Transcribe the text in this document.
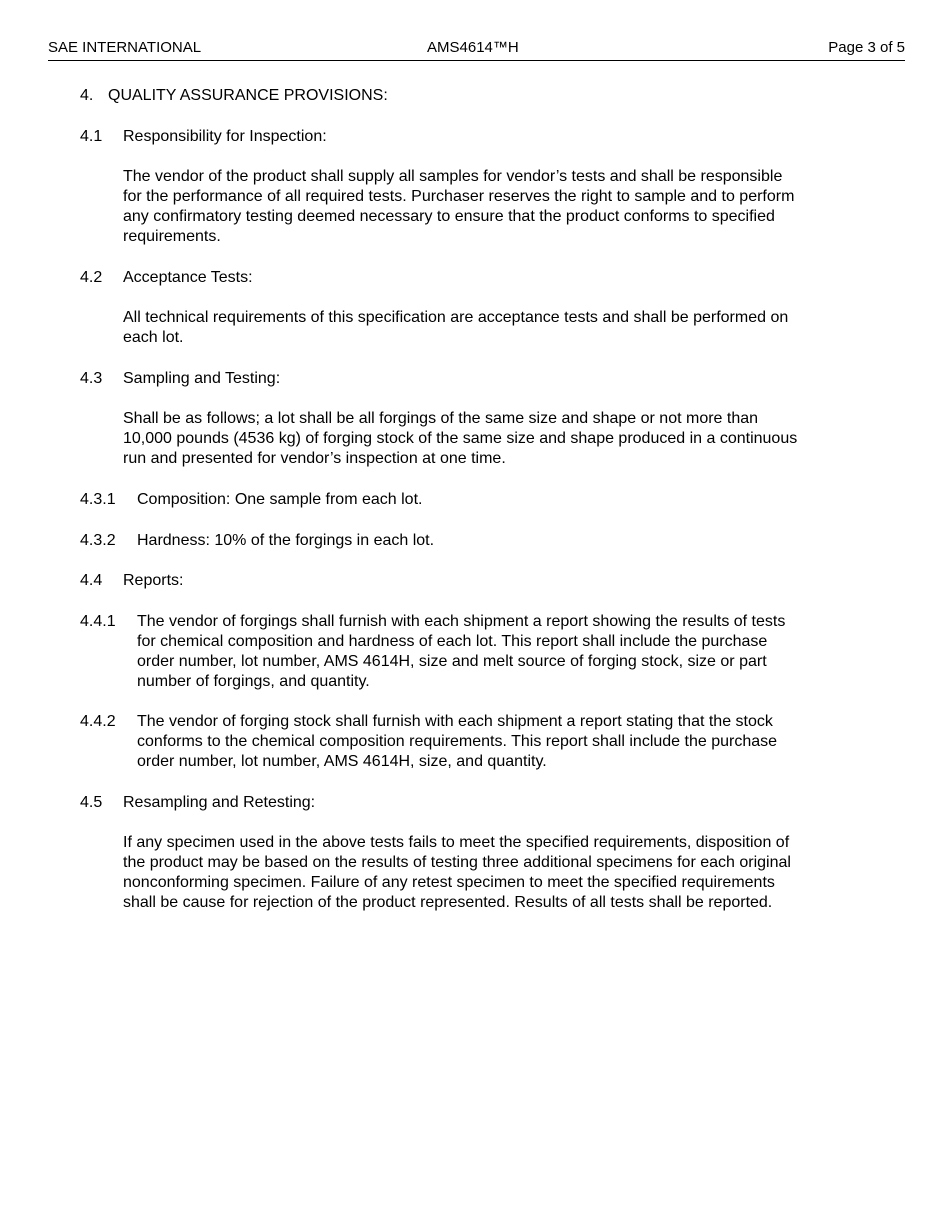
SAE INTERNATIONAL	AMS4614™H	Page 3 of 5
4. QUALITY ASSURANCE PROVISIONS:
4.1 Responsibility for Inspection:
The vendor of the product shall supply all samples for vendor’s tests and shall be responsible
for the performance of all required tests. Purchaser reserves the right to sample and to perform
any confirmatory testing deemed necessary to ensure that the product conforms to specified
requirements.
4.2 Acceptance Tests:
All technical requirements of this specification are acceptance tests and shall be performed on
each lot.
4.3 Sampling and Testing:
Shall be as follows; a lot shall be all forgings of the same size and shape or not more than
10,000 pounds (4536 kg) of forging stock of the same size and shape produced in a continuous
run and presented for vendor’s inspection at one time.
4.3.1 Composition: One sample from each lot.
4.3.2 Hardness: 10% of the forgings in each lot.
4.4 Reports:
4.4.1 The vendor of forgings shall furnish with each shipment a report showing the results of tests
for chemical composition and hardness of each lot. This report shall include the purchase
order number, lot number, AMS 4614H, size and melt source of forging stock, size or part
number of forgings, and quantity.
4.4.2 The vendor of forging stock shall furnish with each shipment a report stating that the stock
conforms to the chemical composition requirements. This report shall include the purchase
order number, lot number, AMS 4614H, size, and quantity.
4.5 Resampling and Retesting:
If any specimen used in the above tests fails to meet the specified requirements, disposition of
the product may be based on the results of testing three additional specimens for each original
nonconforming specimen. Failure of any retest specimen to meet the specified requirements
shall be cause for rejection of the product represented. Results of all tests shall be reported.
